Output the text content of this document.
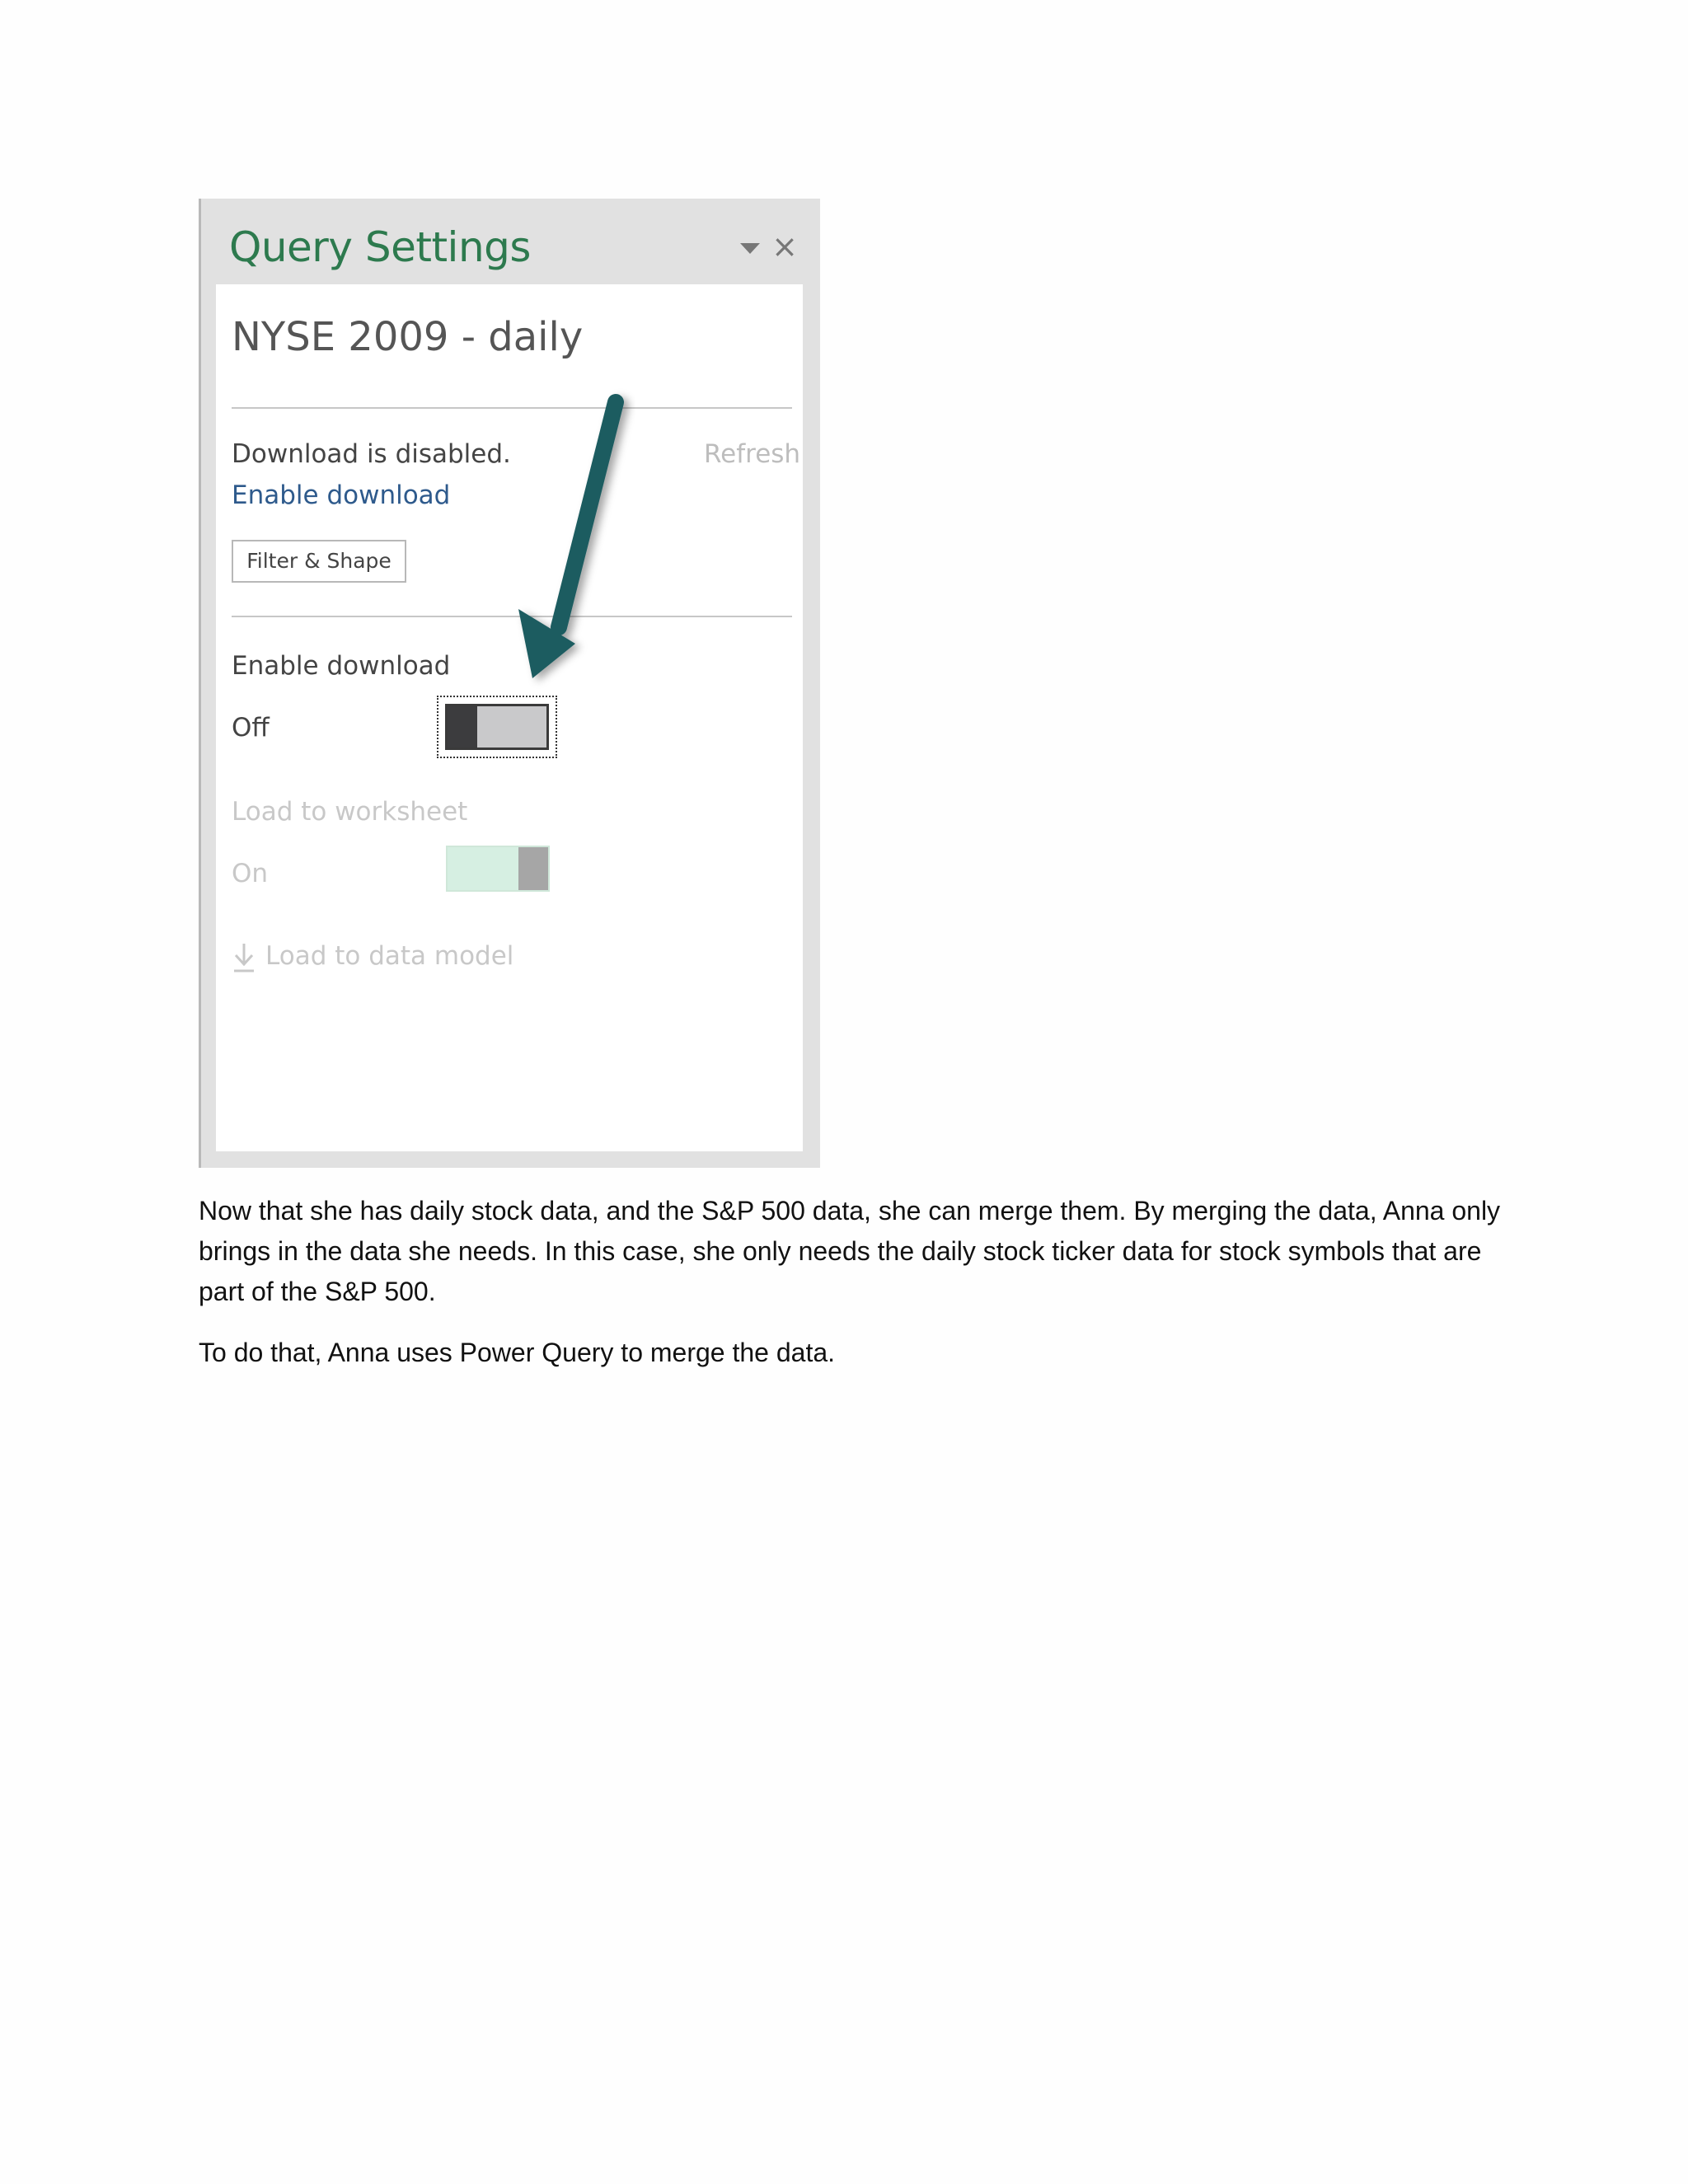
Query Settings	×
NYSE 2009 - daily
Download is disabled.	Refresh
Enable download
Filter & Shape
Enable download
Off
Load to worksheet
On
Load to data model

Now that she has daily stock data, and the S&P 500 data, she can merge them. By merging the data, Anna only brings in the data she needs. In this case, she only needs the daily stock ticker data for stock symbols that are part of the S&P 500.

To do that, Anna uses Power Query to merge the data.
